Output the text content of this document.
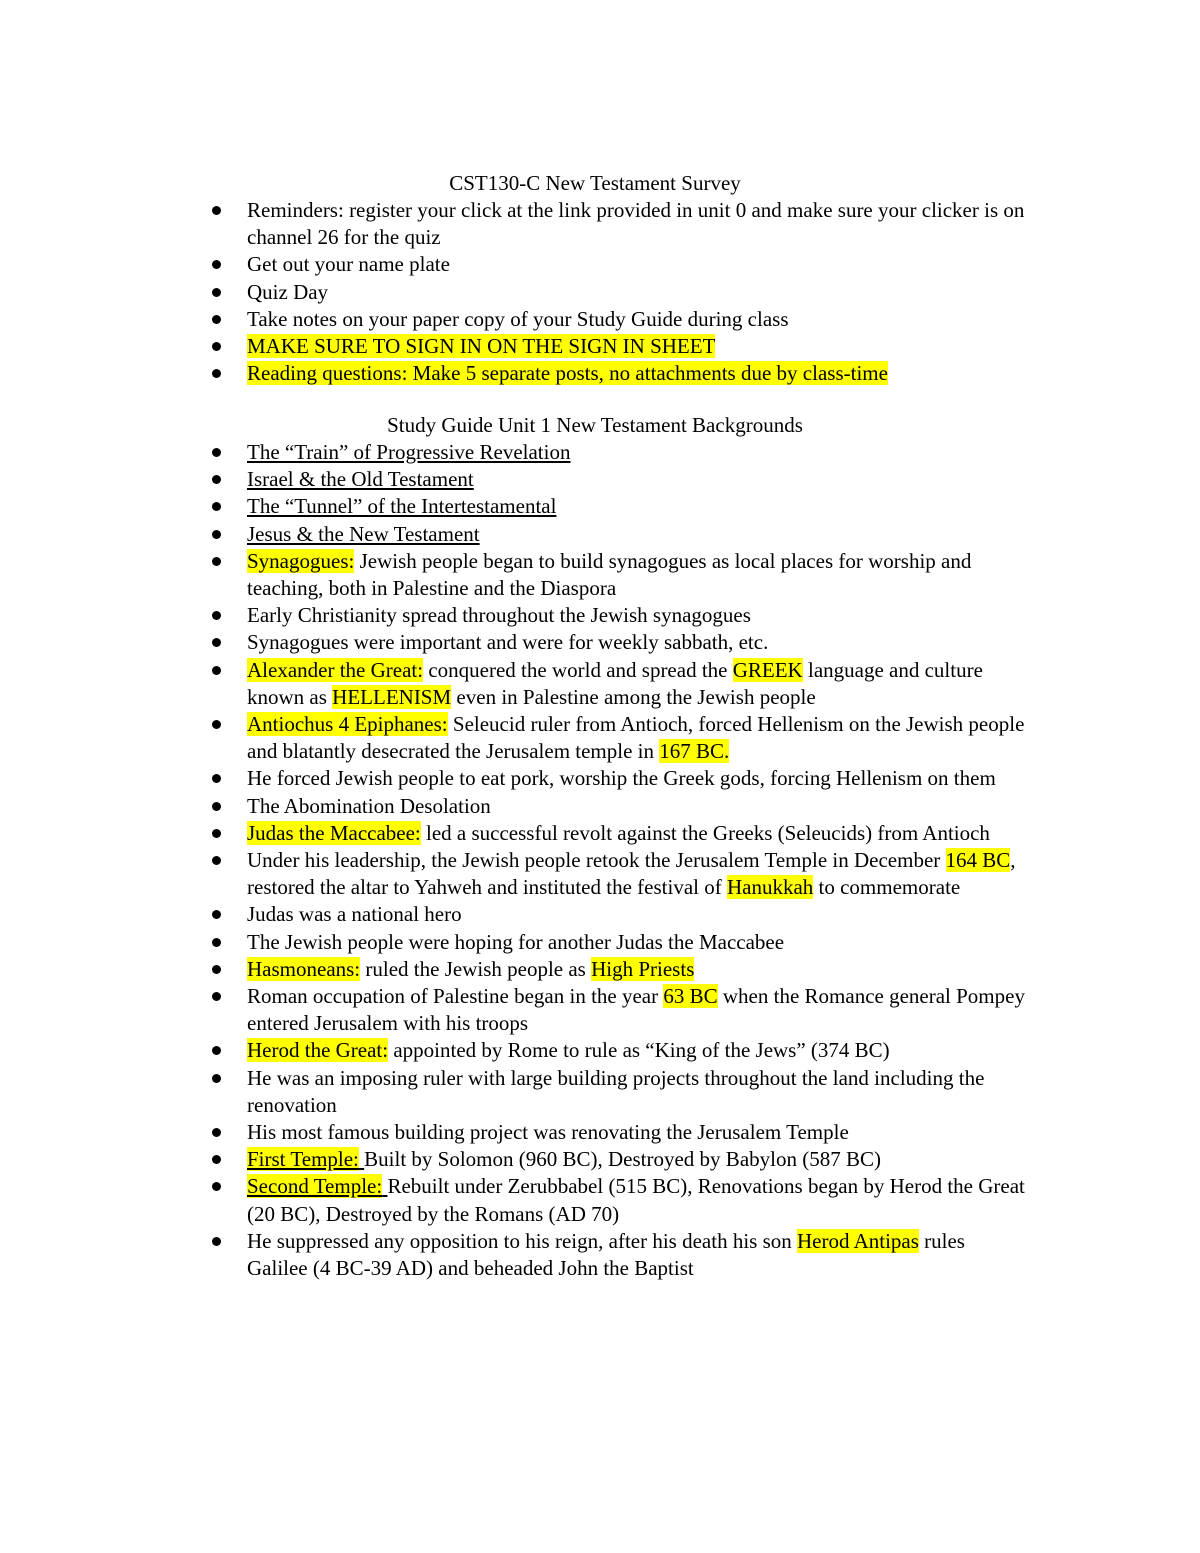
CST130-C New Testament Survey
Reminders: register your click at the link provided in unit 0 and make sure your clicker is on channel 26 for the quiz
Get out your name plate
Quiz Day
Take notes on your paper copy of your Study Guide during class
MAKE SURE TO SIGN IN ON THE SIGN IN SHEET
Reading questions: Make 5 separate posts, no attachments due by class-time
Study Guide Unit 1 New Testament Backgrounds
The “Train” of Progressive Revelation
Israel & the Old Testament
The “Tunnel” of the Intertestamental
Jesus & the New Testament
Synagogues: Jewish people began to build synagogues as local places for worship and teaching, both in Palestine and the Diaspora
Early Christianity spread throughout the Jewish synagogues
Synagogues were important and were for weekly sabbath, etc.
Alexander the Great: conquered the world and spread the GREEK language and culture known as HELLENISM even in Palestine among the Jewish people
Antiochus 4 Epiphanes: Seleucid ruler from Antioch, forced Hellenism on the Jewish people and blatantly desecrated the Jerusalem temple in 167 BC.
He forced Jewish people to eat pork, worship the Greek gods, forcing Hellenism on them
The Abomination Desolation
Judas the Maccabee: led a successful revolt against the Greeks (Seleucids) from Antioch
Under his leadership, the Jewish people retook the Jerusalem Temple in December 164 BC, restored the altar to Yahweh and instituted the festival of Hanukkah to commemorate
Judas was a national hero
The Jewish people were hoping for another Judas the Maccabee
Hasmoneans: ruled the Jewish people as High Priests
Roman occupation of Palestine began in the year 63 BC when the Romance general Pompey entered Jerusalem with his troops
Herod the Great: appointed by Rome to rule as “King of the Jews” (374 BC)
He was an imposing ruler with large building projects throughout the land including the renovation
His most famous building project was renovating the Jerusalem Temple
First Temple: Built by Solomon (960 BC), Destroyed by Babylon (587 BC)
Second Temple: Rebuilt under Zerubbabel (515 BC), Renovations began by Herod the Great (20 BC), Destroyed by the Romans (AD 70)
He suppressed any opposition to his reign, after his death his son Herod Antipas rules Galilee (4 BC-39 AD) and beheaded John the Baptist
